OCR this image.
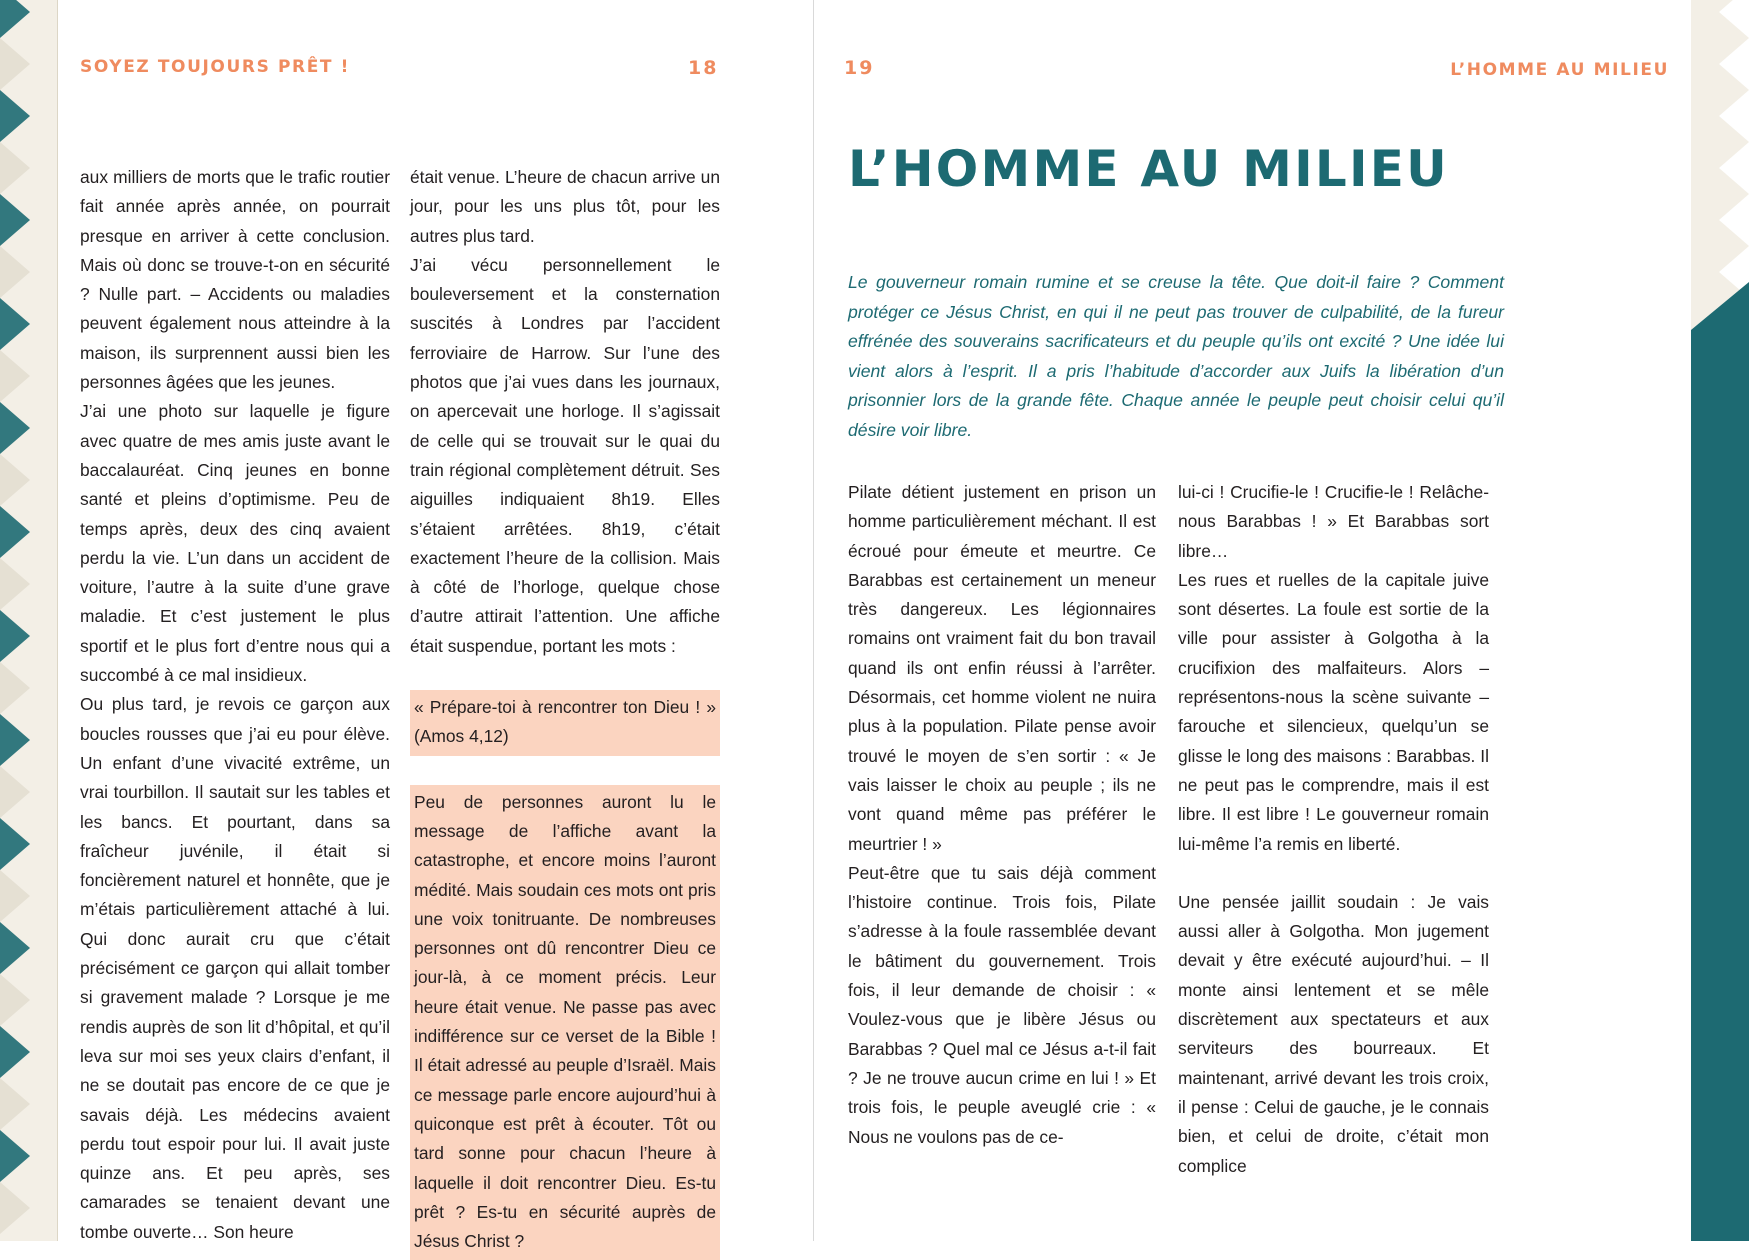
SOYEZ TOUJOURS PRÊT !	18	19	L’HOMME AU MILIEU

aux milliers de morts que le trafic routier fait année après année, on pourrait presque en arriver à cette conclusion. Mais où donc se trouve-t-on en sécurité ? Nulle part. – Accidents ou maladies peuvent également nous atteindre à la maison, ils surprennent aussi bien les personnes âgées que les jeunes.

J’ai une photo sur laquelle je figure avec quatre de mes amis juste avant le baccalauréat. Cinq jeunes en bonne santé et pleins d’optimisme. Peu de temps après, deux des cinq avaient perdu la vie. L’un dans un accident de voiture, l’autre à la suite d’une grave maladie. Et c’est justement le plus sportif et le plus fort d’entre nous qui a succombé à ce mal insidieux.

Ou plus tard, je revois ce garçon aux boucles rousses que j’ai eu pour élève. Un enfant d’une vivacité extrême, un vrai tourbillon. Il sautait sur les tables et les bancs. Et pourtant, dans sa fraîcheur juvénile, il était si foncièrement naturel et honnête, que je m’étais particulièrement attaché à lui. Qui donc aurait cru que c’était précisément ce garçon qui allait tomber si gravement malade ? Lorsque je me rendis auprès de son lit d’hôpital, et qu’il leva sur moi ses yeux clairs d’enfant, il ne se doutait pas encore de ce que je savais déjà. Les médecins avaient perdu tout espoir pour lui. Il avait juste quinze ans. Et peu après, ses camarades se tenaient devant une tombe ouverte… Son heure

était venue. L’heure de chacun arrive un jour, pour les uns plus tôt, pour les autres plus tard.

J’ai vécu personnellement le bouleversement et la consternation suscités à Londres par l’accident ferroviaire de Harrow. Sur l’une des photos que j’ai vues dans les journaux, on apercevait une horloge. Il s’agissait de celle qui se trouvait sur le quai du train régional complètement détruit. Ses aiguilles indiquaient 8h19. Elles s’étaient arrêtées. 8h19, c’était exactement l’heure de la collision. Mais à côté de l’horloge, quelque chose d’autre attirait l’attention. Une affiche était suspendue, portant les mots :

« Prépare-toi à rencontrer ton Dieu ! » (Amos 4,12)

Peu de personnes auront lu le message de l’affiche avant la catastrophe, et encore moins l’auront médité. Mais soudain ces mots ont pris une voix tonitruante. De nombreuses personnes ont dû rencontrer Dieu ce jour-là, à ce moment précis. Leur heure était venue. Ne passe pas avec indifférence sur ce verset de la Bible ! Il était adressé au peuple d’Israël. Mais ce message parle encore aujourd’hui à quiconque est prêt à écouter. Tôt ou tard sonne pour chacun l’heure à laquelle il doit rencontrer Dieu. Es-tu prêt ? Es-tu en sécurité auprès de Jésus Christ ?

L’HOMME AU MILIEU
Le gouverneur romain rumine et se creuse la tête. Que doit-il faire ? Comment protéger ce Jésus Christ, en qui il ne peut pas trouver de culpabilité, de la fureur effrénée des souverains sacrificateurs et du peuple qu’ils ont excité ? Une idée lui vient alors à l’esprit. Il a pris l’habitude d’accorder aux Juifs la libération d’un prisonnier lors de la grande fête. Chaque année le peuple peut choisir celui qu’il désire voir libre.

Pilate détient justement en prison un homme particulièrement méchant. Il est écroué pour émeute et meurtre. Ce Barabbas est certainement un meneur très dangereux. Les légionnaires romains ont vraiment fait du bon travail quand ils ont enfin réussi à l’arrêter. Désormais, cet homme violent ne nuira plus à la population. Pilate pense avoir trouvé le moyen de s’en sortir : « Je vais laisser le choix au peuple ; ils ne vont quand même pas préférer le meurtrier ! »

Peut-être que tu sais déjà comment l’histoire continue. Trois fois, Pilate s’adresse à la foule rassemblée devant le bâtiment du gouvernement. Trois fois, il leur demande de choisir : « Voulez-vous que je libère Jésus ou Barabbas ? Quel mal ce Jésus a-t-il fait ? Je ne trouve aucun crime en lui ! » Et trois fois, le peuple aveuglé crie : « Nous ne voulons pas de ce-

lui-ci ! Crucifie-le ! Crucifie-le ! Relâche-nous Barabbas ! » Et Barabbas sort libre…

Les rues et ruelles de la capitale juive sont désertes. La foule est sortie de la ville pour assister à Golgotha à la crucifixion des malfaiteurs. Alors – représentons-nous la scène suivante – farouche et silencieux, quelqu’un se glisse le long des maisons : Barabbas. Il ne peut pas le comprendre, mais il est libre. Il est libre ! Le gouverneur romain lui-même l’a remis en liberté.

Une pensée jaillit soudain : Je vais aussi aller à Golgotha. Mon jugement devait y être exécuté aujourd’hui. – Il monte ainsi lentement et se mêle discrètement aux spectateurs et aux serviteurs des bourreaux. Et maintenant, arrivé devant les trois croix, il pense : Celui de gauche, je le connais bien, et celui de droite, c’était mon complice
